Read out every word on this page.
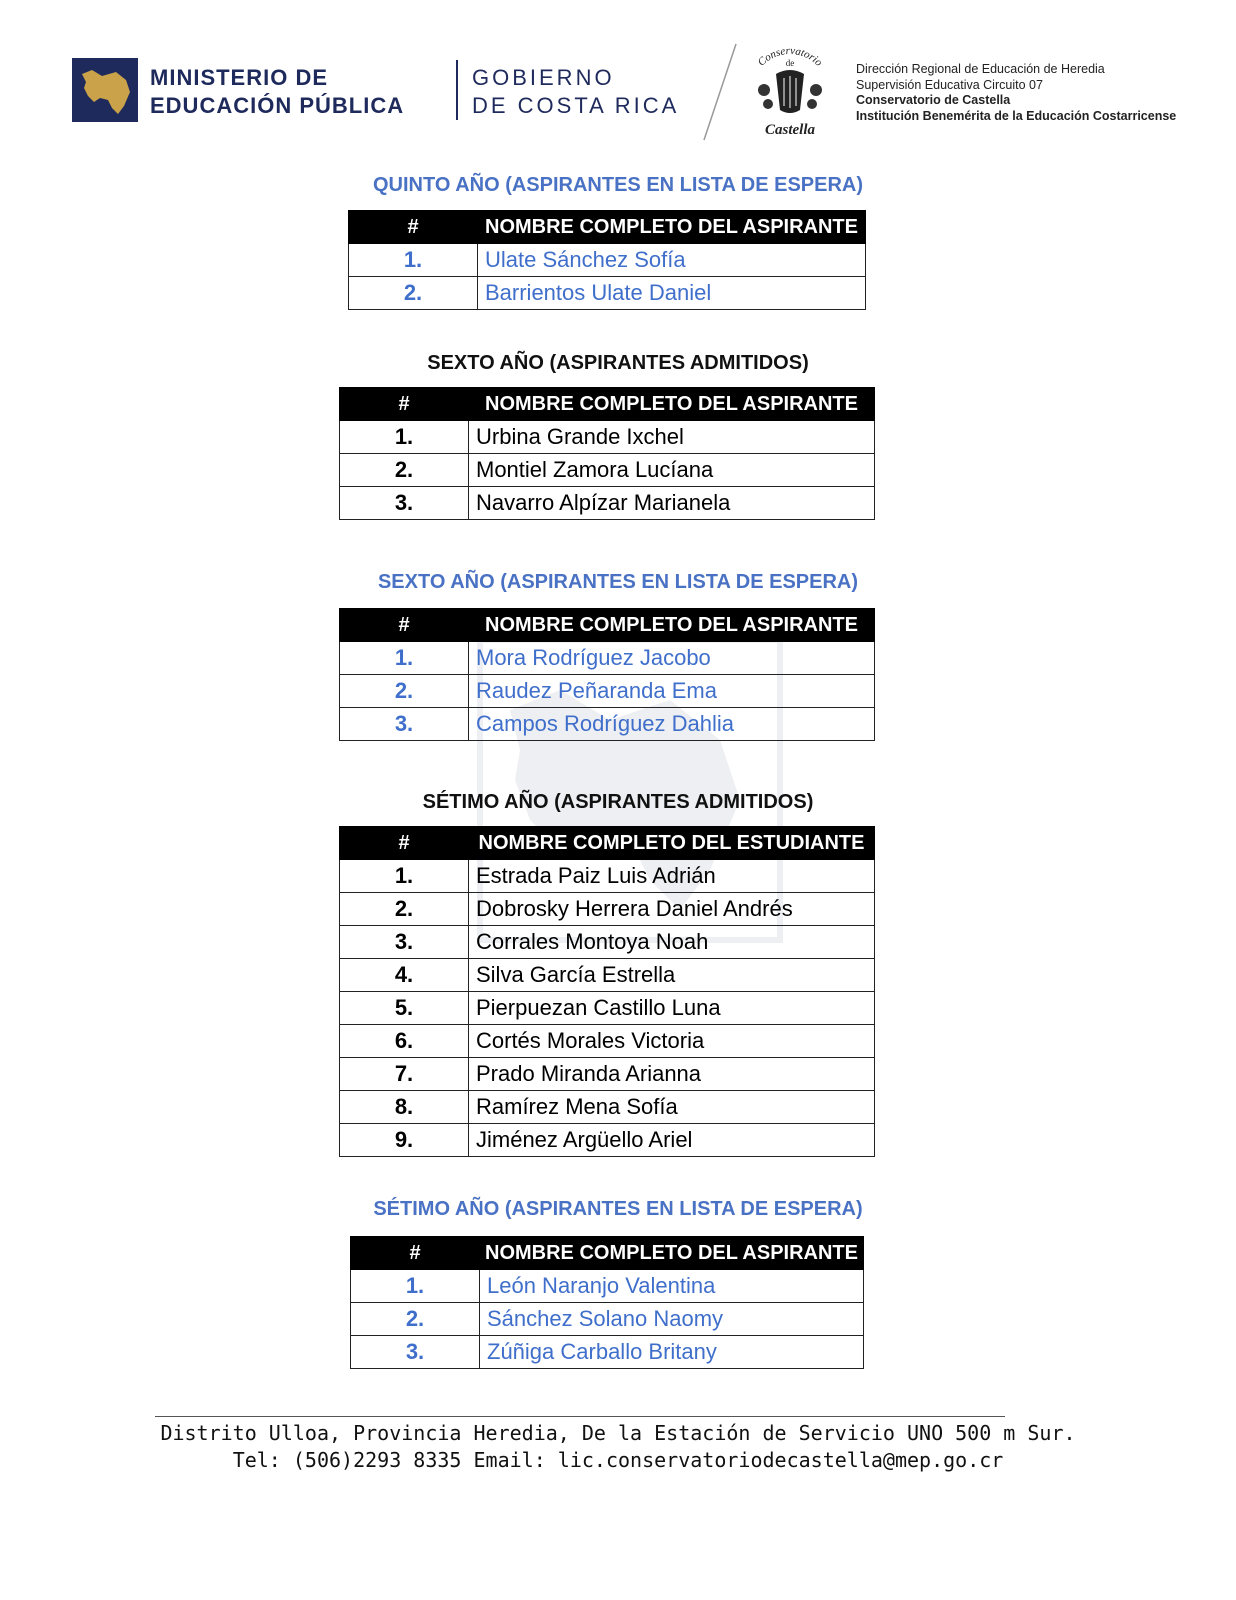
MINISTERIO DE
EDUCACIÓN PÚBLICA
GOBIERNO
DE COSTA RICA
Conservatorio
de
Castella
Dirección Regional de Educación de Heredia
Supervisión Educativa Circuito 07
Conservatorio de Castella
Institución Benemérita de la Educación Costarricense
QUINTO AÑO (ASPIRANTES EN LISTA DE ESPERA)
#	NOMBRE COMPLETO DEL ASPIRANTE
1.	Ulate Sánchez Sofía
2.	Barrientos Ulate Daniel
SEXTO AÑO (ASPIRANTES ADMITIDOS)
#	NOMBRE COMPLETO DEL ASPIRANTE
1.	Urbina Grande Ixchel
2.	Montiel Zamora Lucíana
3.	Navarro Alpízar Marianela
SEXTO AÑO (ASPIRANTES EN LISTA DE ESPERA)
#	NOMBRE COMPLETO DEL ASPIRANTE
1.	Mora Rodríguez Jacobo
2.	Raudez Peñaranda Ema
3.	Campos Rodríguez Dahlia
SÉTIMO AÑO (ASPIRANTES ADMITIDOS)
#	NOMBRE COMPLETO DEL ESTUDIANTE
1.	Estrada Paiz Luis Adrián
2.	Dobrosky Herrera Daniel Andrés
3.	Corrales Montoya Noah
4.	Silva García Estrella
5.	Pierpuezan Castillo Luna
6.	Cortés Morales Victoria
7.	Prado Miranda Arianna
8.	Ramírez Mena Sofía
9.	Jiménez Argüello Ariel
SÉTIMO AÑO (ASPIRANTES EN LISTA DE ESPERA)
#	NOMBRE COMPLETO DEL ASPIRANTE
1.	León Naranjo Valentina
2.	Sánchez Solano Naomy
3.	Zúñiga Carballo Britany
Distrito Ulloa, Provincia Heredia, De la Estación de Servicio UNO 500 m Sur.
Tel: (506)2293 8335 Email: lic.conservatoriodecastella@mep.go.cr
